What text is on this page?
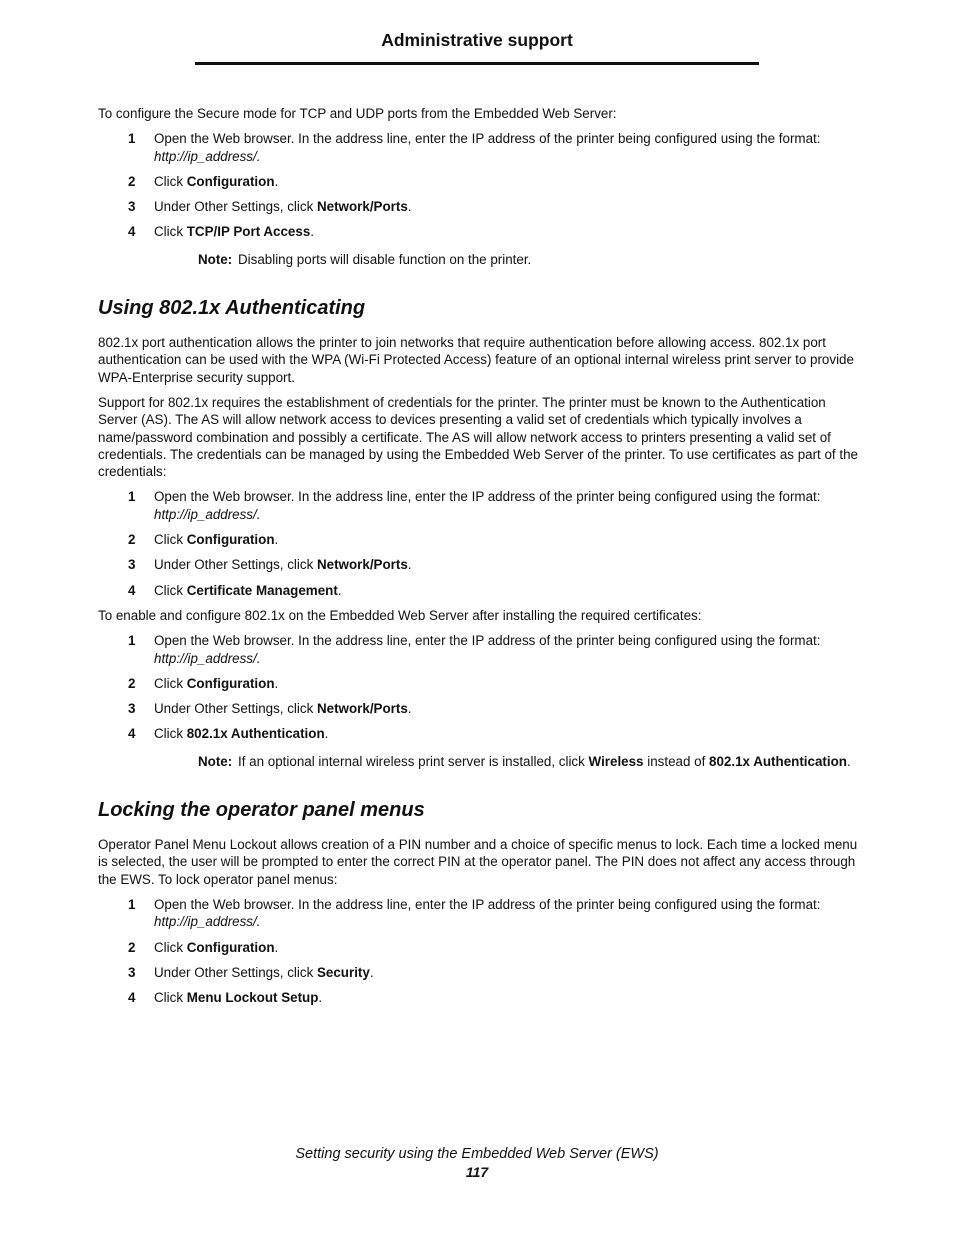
Administrative support

To configure the Secure mode for TCP and UDP ports from the Embedded Web Server:

1 Open the Web browser. In the address line, enter the IP address of the printer being configured using the format:
http://ip_address/.
2 Click Configuration.
3 Under Other Settings, click Network/Ports.
4 Click TCP/IP Port Access.
Note: Disabling ports will disable function on the printer.
Using 802.1x Authenticating

802.1x port authentication allows the printer to join networks that require authentication before allowing access. 802.1x port authentication can be used with the WPA (Wi-Fi Protected Access) feature of an optional internal wireless print server to provide WPA-Enterprise security support.

Support for 802.1x requires the establishment of credentials for the printer. The printer must be known to the Authentication Server (AS). The AS will allow network access to devices presenting a valid set of credentials which typically involves a name/password combination and possibly a certificate. The AS will allow network access to printers presenting a valid set of credentials. The credentials can be managed by using the Embedded Web Server of the printer. To use certificates as part of the credentials:

1 Open the Web browser. In the address line, enter the IP address of the printer being configured using the format:
http://ip_address/.
2 Click Configuration.
3 Under Other Settings, click Network/Ports.
4 Click Certificate Management.

To enable and configure 802.1x on the Embedded Web Server after installing the required certificates:

1 Open the Web browser. In the address line, enter the IP address of the printer being configured using the format:
http://ip_address/.
2 Click Configuration.
3 Under Other Settings, click Network/Ports.
4 Click 802.1x Authentication.
Note: If an optional internal wireless print server is installed, click Wireless instead of 802.1x Authentication.
Locking the operator panel menus

Operator Panel Menu Lockout allows creation of a PIN number and a choice of specific menus to lock. Each time a locked menu is selected, the user will be prompted to enter the correct PIN at the operator panel. The PIN does not affect any access through the EWS. To lock operator panel menus:

1 Open the Web browser. In the address line, enter the IP address of the printer being configured using the format:
http://ip_address/.
2 Click Configuration.
3 Under Other Settings, click Security.
4 Click Menu Lockout Setup.
Setting security using the Embedded Web Server (EWS)
117
